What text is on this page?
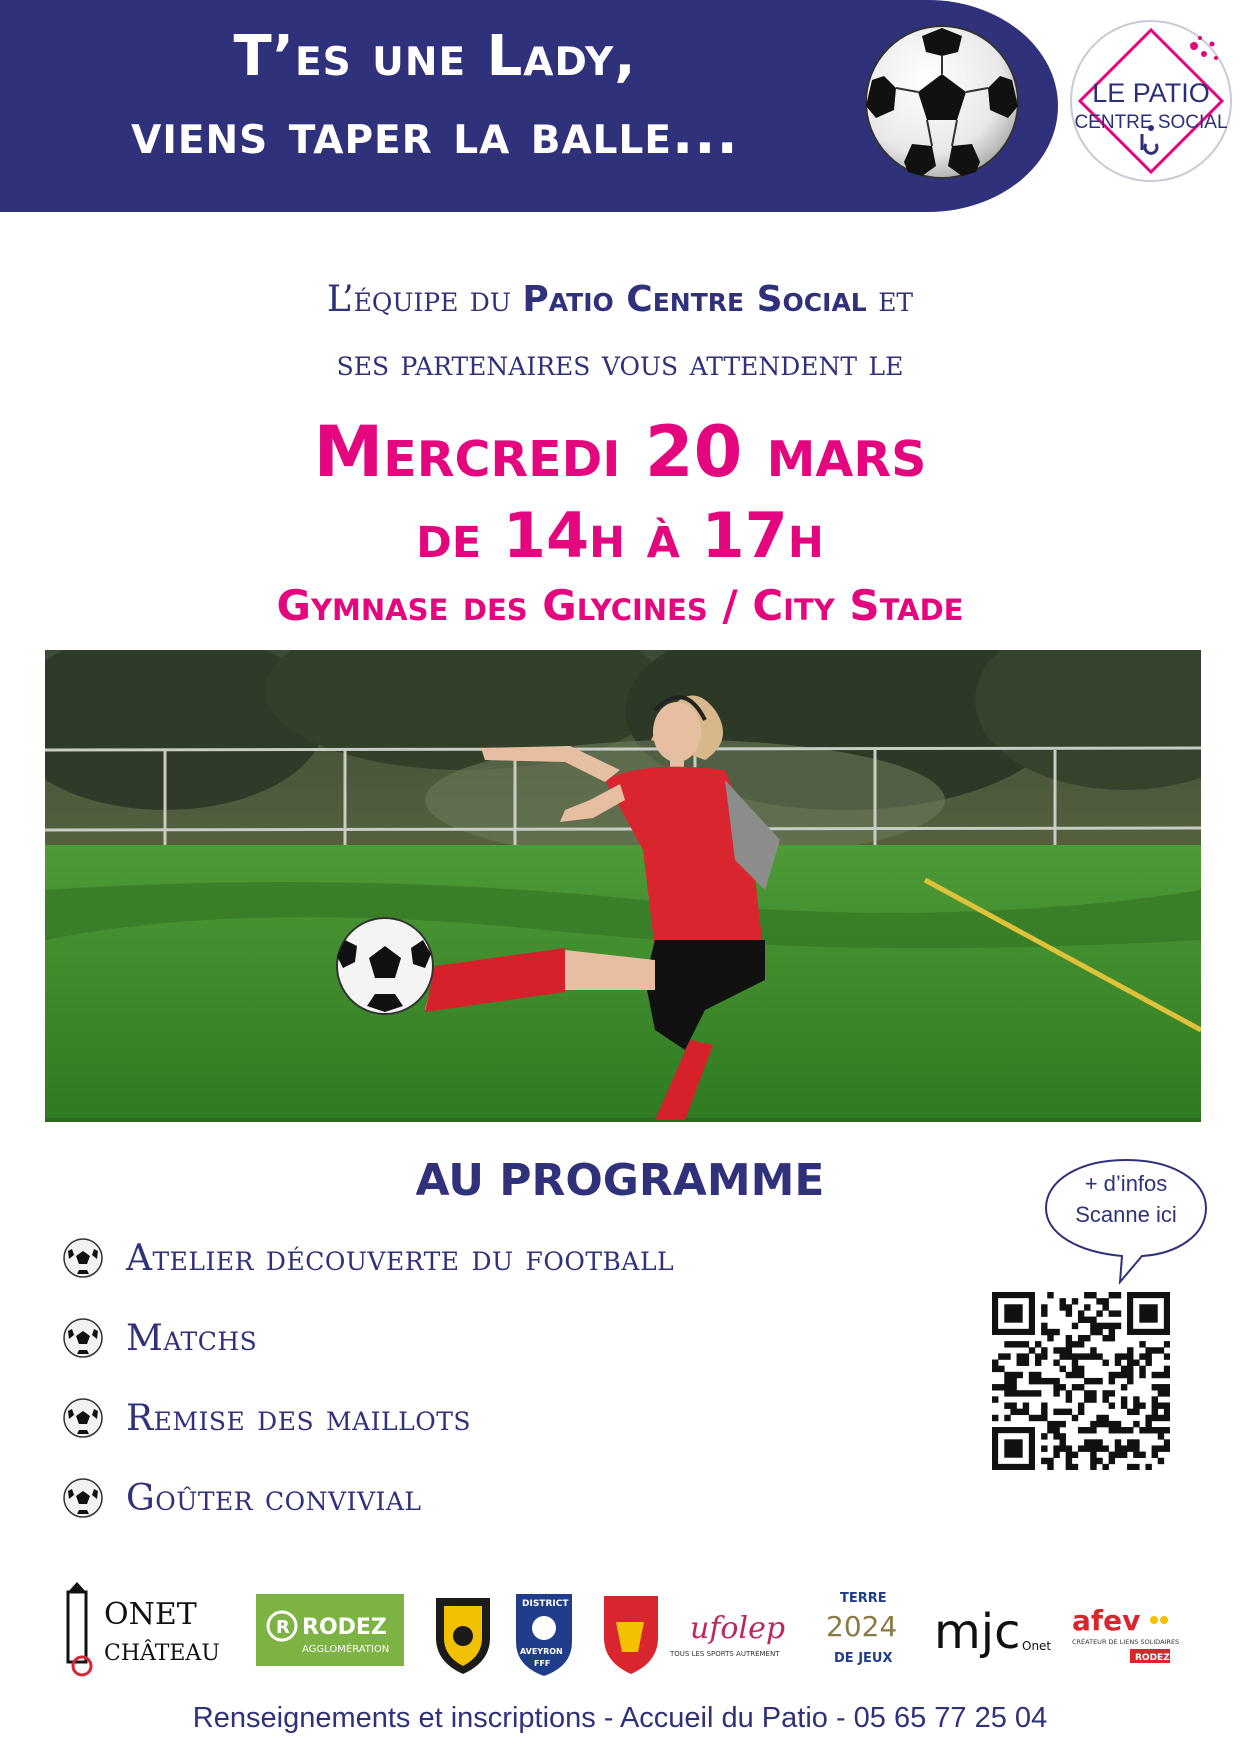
T’es une Lady,
viens taper la balle...
LE PATIO
CENTRE SOCIAL
L’équipe du Patio Centre Social et
ses partenaires vous attendent le
Mercredi 20 mars
de 14h à 17h
Gymnase des Glycines / City Stade
AU PROGRAMME
Atelier découverte du football
Matchs
Remise des maillots
Goûter convivial
+ d’infos
Scanne ici
ONET
CHÂTEAU
R RODEZ
AGGLOMÉRATION
DISTRICT
AVEYRON
FFF
ufolep
TOUS LES SPORTS AUTREMENT
TERRE
2024
DE JEUX mjc Onet
afev
CRÉATEUR DE LIENS SOLIDAIRES
RODEZ
Renseignements et inscriptions - Accueil du Patio - 05 65 77 25 04
